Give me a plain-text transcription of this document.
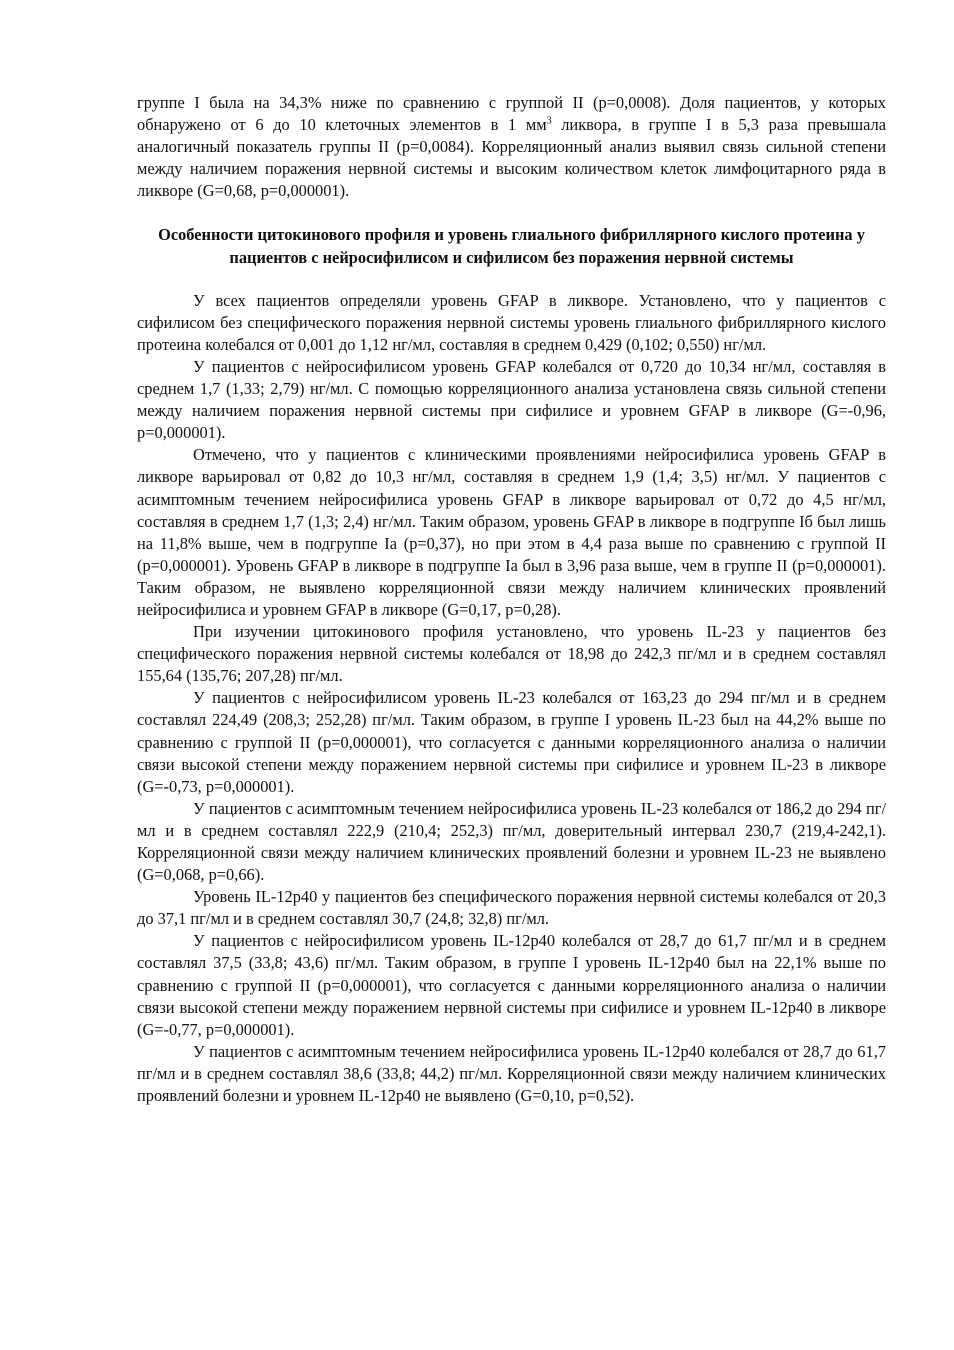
группе I была на 34,3% ниже по сравнению с группой II (p=0,0008). Доля пациентов, у которых обнаружено от 6 до 10 клеточных элементов в 1 $мм^3$ ликвора, в группе I в 5,3 раза превышала аналогичный показатель группы II (p=0,0084). Корреляционный анализ выявил связь сильной степени между наличием поражения нервной системы и высоким количеством клеток лимфоцитарного ряда в ликворе (G=0,68, p=0,000001).

Особенности цитокинового профиля и уровень глиального фибриллярного кислого протеина у пациентов с нейросифилисом и сифилисом без поражения нервной системы

У всех пациентов определяли уровень GFAP в ликворе. Установлено, что у пациентов с сифилисом без специфического поражения нервной системы уровень глиального фибриллярного кислого протеина колебался от 0,001 до 1,12 нг/мл, составляя в среднем 0,429 (0,102; 0,550) нг/мл.

У пациентов с нейросифилисом уровень GFAP колебался от 0,720 до 10,34 нг/мл, составляя в среднем 1,7 (1,33; 2,79) нг/мл. С помощью корреляционного анализа установлена связь сильной степени между наличием поражения нервной системы при сифилисе и уровнем GFAP в ликворе (G=-0,96, p=0,000001).

Отмечено, что у пациентов с клиническими проявлениями нейросифилиса уровень GFAP в ликворе варьировал от 0,82 до 10,3 нг/мл, составляя в среднем 1,9 (1,4; 3,5) нг/мл. У пациентов с асимптомным течением нейросифилиса уровень GFAP в ликворе варьировал от 0,72 до 4,5 нг/мл, составляя в среднем 1,7 (1,3; 2,4) нг/мл. Таким образом, уровень GFAP в ликворе в подгруппе Iб был лишь на 11,8% выше, чем в подгруппе Ia (p=0,37), но при этом в 4,4 раза выше по сравнению с группой II (p=0,000001). Уровень GFAP в ликворе в подгруппе Ia был в 3,96 раза выше, чем в группе II (p=0,000001). Таким образом, не выявлено корреляционной связи между наличием клинических проявлений нейросифилиса и уровнем GFAP в ликворе (G=0,17, p=0,28).

При изучении цитокинового профиля установлено, что уровень IL-23 у пациентов без специфического поражения нервной системы колебался от 18,98 до 242,3 пг/мл и в среднем составлял 155,64 (135,76; 207,28) пг/мл.

У пациентов с нейросифилисом уровень IL-23 колебался от 163,23 до 294 пг/мл и в среднем составлял 224,49 (208,3; 252,28) пг/мл. Таким образом, в группе I уровень IL-23 был на 44,2% выше по сравнению с группой II (p=0,000001), что согласуется с данными корреляционного анализа о наличии связи высокой степени между поражением нервной системы при сифилисе и уровнем IL-23 в ликворе (G=-0,73, p=0,000001).

У пациентов с асимптомным течением нейросифилиса уровень IL-23 колебался от 186,2 до 294 пг/мл и в среднем составлял 222,9 (210,4; 252,3) пг/мл, доверительный интервал 230,7 (219,4-242,1). Корреляционной связи между наличием клинических проявлений болезни и уровнем IL-23 не выявлено (G=0,068, p=0,66).

Уровень IL-12p40 у пациентов без специфического поражения нервной системы колебался от 20,3 до 37,1 пг/мл и в среднем составлял 30,7 (24,8; 32,8) пг/мл.

У пациентов с нейросифилисом уровень IL-12p40 колебался от 28,7 до 61,7 пг/мл и в среднем составлял 37,5 (33,8; 43,6) пг/мл. Таким образом, в группе I уровень IL-12p40 был на 22,1% выше по сравнению с группой II (p=0,000001), что согласуется с данными корреляционного анализа о наличии связи высокой степени между поражением нервной системы при сифилисе и уровнем IL-12p40 в ликворе (G=-0,77, p=0,000001).

У пациентов с асимптомным течением нейросифилиса уровень IL-12p40 колебался от 28,7 до 61,7 пг/мл и в среднем составлял 38,6 (33,8; 44,2) пг/мл. Корреляционной связи между наличием клинических проявлений болезни и уровнем IL-12p40 не выявлено (G=0,10, p=0,52).
